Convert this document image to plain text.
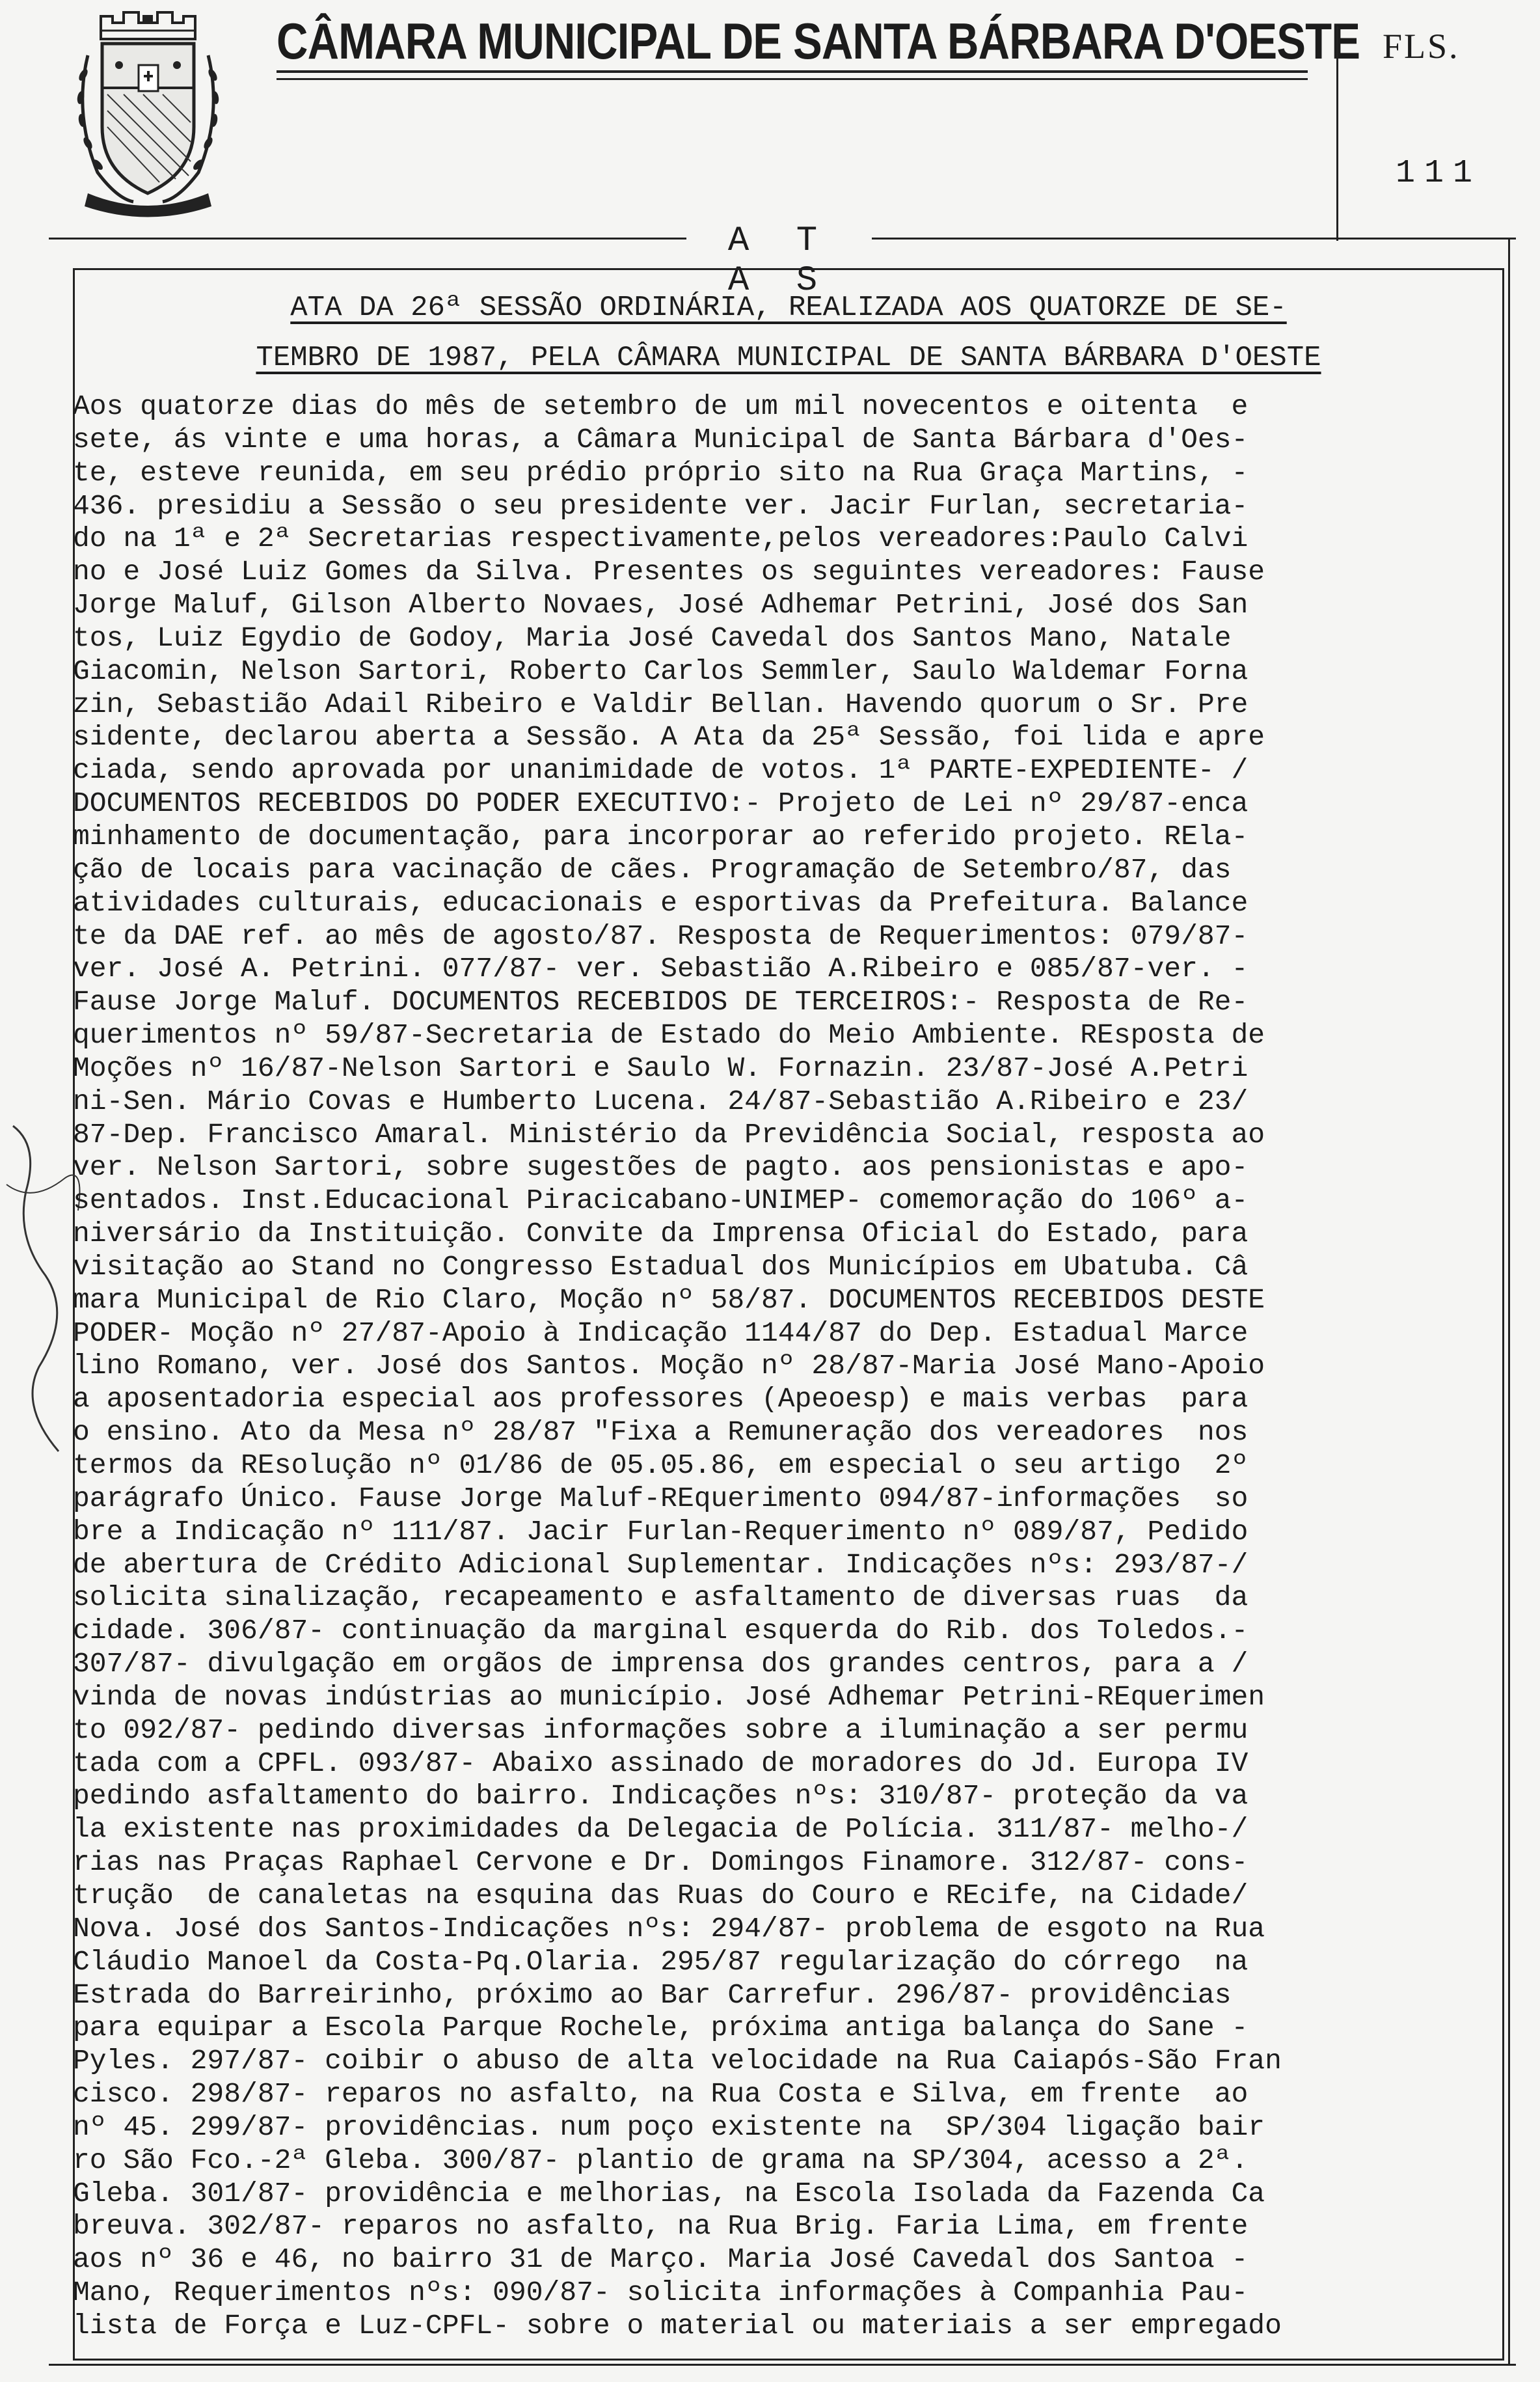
CÂMARA MUNICIPAL DE SANTA BÁRBARA D'OESTE FLS.
111
A T A S
ATA DA 26ª SESSÃO ORDINÁRIA, REALIZADA AOS QUATORZE DE SE-
TEMBRO DE 1987, PELA CÂMARA MUNICIPAL DE SANTA BÁRBARA D'OESTE
Aos quatorze dias do mês de setembro de um mil novecentos e oitenta  e
sete, ás vinte e uma horas, a Câmara Municipal de Santa Bárbara d'Oes-
te, esteve reunida, em seu prédio próprio sito na Rua Graça Martins, -
436. presidiu a Sessão o seu presidente ver. Jacir Furlan, secretaria-
do na 1ª e 2ª Secretarias respectivamente,pelos vereadores:Paulo Calvi
no e José Luiz Gomes da Silva. Presentes os seguintes vereadores: Fause
Jorge Maluf, Gilson Alberto Novaes, José Adhemar Petrini, José dos San
tos, Luiz Egydio de Godoy, Maria José Cavedal dos Santos Mano, Natale
Giacomin, Nelson Sartori, Roberto Carlos Semmler, Saulo Waldemar Forna
zin, Sebastião Adail Ribeiro e Valdir Bellan. Havendo quorum o Sr. Pre
sidente, declarou aberta a Sessão. A Ata da 25ª Sessão, foi lida e apre
ciada, sendo aprovada por unanimidade de votos. 1ª PARTE-EXPEDIENTE- /
DOCUMENTOS RECEBIDOS DO PODER EXECUTIVO:- Projeto de Lei nº 29/87-enca
minhamento de documentação, para incorporar ao referido projeto. REla-
ção de locais para vacinação de cães. Programação de Setembro/87, das
atividades culturais, educacionais e esportivas da Prefeitura. Balance
te da DAE ref. ao mês de agosto/87. Resposta de Requerimentos: 079/87-
ver. José A. Petrini. 077/87- ver. Sebastião A.Ribeiro e 085/87-ver. -
Fause Jorge Maluf. DOCUMENTOS RECEBIDOS DE TERCEIROS:- Resposta de Re-
querimentos nº 59/87-Secretaria de Estado do Meio Ambiente. REsposta de
Moções nº 16/87-Nelson Sartori e Saulo W. Fornazin. 23/87-José A.Petri
ni-Sen. Mário Covas e Humberto Lucena. 24/87-Sebastião A.Ribeiro e 23/
87-Dep. Francisco Amaral. Ministério da Previdência Social, resposta ao
ver. Nelson Sartori, sobre sugestões de pagto. aos pensionistas e apo-
sentados. Inst.Educacional Piracicabano-UNIMEP- comemoração do 106º a-
niversário da Instituição. Convite da Imprensa Oficial do Estado, para
visitação ao Stand no Congresso Estadual dos Municípios em Ubatuba. Câ
mara Municipal de Rio Claro, Moção nº 58/87. DOCUMENTOS RECEBIDOS DESTE
PODER- Moção nº 27/87-Apoio à Indicação 1144/87 do Dep. Estadual Marce
lino Romano, ver. José dos Santos. Moção nº 28/87-Maria José Mano-Apoio
a aposentadoria especial aos professores (Apeoesp) e mais verbas  para
o ensino. Ato da Mesa nº 28/87 "Fixa a Remuneração dos vereadores  nos
termos da REsolução nº 01/86 de 05.05.86, em especial o seu artigo  2º
parágrafo Único. Fause Jorge Maluf-REquerimento 094/87-informações  so
bre a Indicação nº 111/87. Jacir Furlan-Requerimento nº 089/87, Pedido
de abertura de Crédito Adicional Suplementar. Indicações nºs: 293/87-/
solicita sinalização, recapeamento e asfaltamento de diversas ruas  da
cidade. 306/87- continuação da marginal esquerda do Rib. dos Toledos.-
307/87- divulgação em orgãos de imprensa dos grandes centros, para a /
vinda de novas indústrias ao município. José Adhemar Petrini-REquerimen
to 092/87- pedindo diversas informações sobre a iluminação a ser permu
tada com a CPFL. 093/87- Abaixo assinado de moradores do Jd. Europa IV
pedindo asfaltamento do bairro. Indicações nºs: 310/87- proteção da va
la existente nas proximidades da Delegacia de Polícia. 311/87- melho-/
rias nas Praças Raphael Cervone e Dr. Domingos Finamore. 312/87- cons-
trução  de canaletas na esquina das Ruas do Couro e REcife, na Cidade/
Nova. José dos Santos-Indicações nºs: 294/87- problema de esgoto na Rua
Cláudio Manoel da Costa-Pq.Olaria. 295/87 regularização do córrego  na
Estrada do Barreirinho, próximo ao Bar Carrefur. 296/87- providências
para equipar a Escola Parque Rochele, próxima antiga balança do Sane -
Pyles. 297/87- coibir o abuso de alta velocidade na Rua Caiapós-São Fran
cisco. 298/87- reparos no asfalto, na Rua Costa e Silva, em frente  ao
nº 45. 299/87- providências. num poço existente na  SP/304 ligação bair
ro São Fco.-2ª Gleba. 300/87- plantio de grama na SP/304, acesso a 2ª.
Gleba. 301/87- providência e melhorias, na Escola Isolada da Fazenda Ca
breuva. 302/87- reparos no asfalto, na Rua Brig. Faria Lima, em frente
aos nº 36 e 46, no bairro 31 de Março. Maria José Cavedal dos Santoa -
Mano, Requerimentos nºs: 090/87- solicita informações à Companhia Pau-
lista de Força e Luz-CPFL- sobre o material ou materiais a ser empregado
